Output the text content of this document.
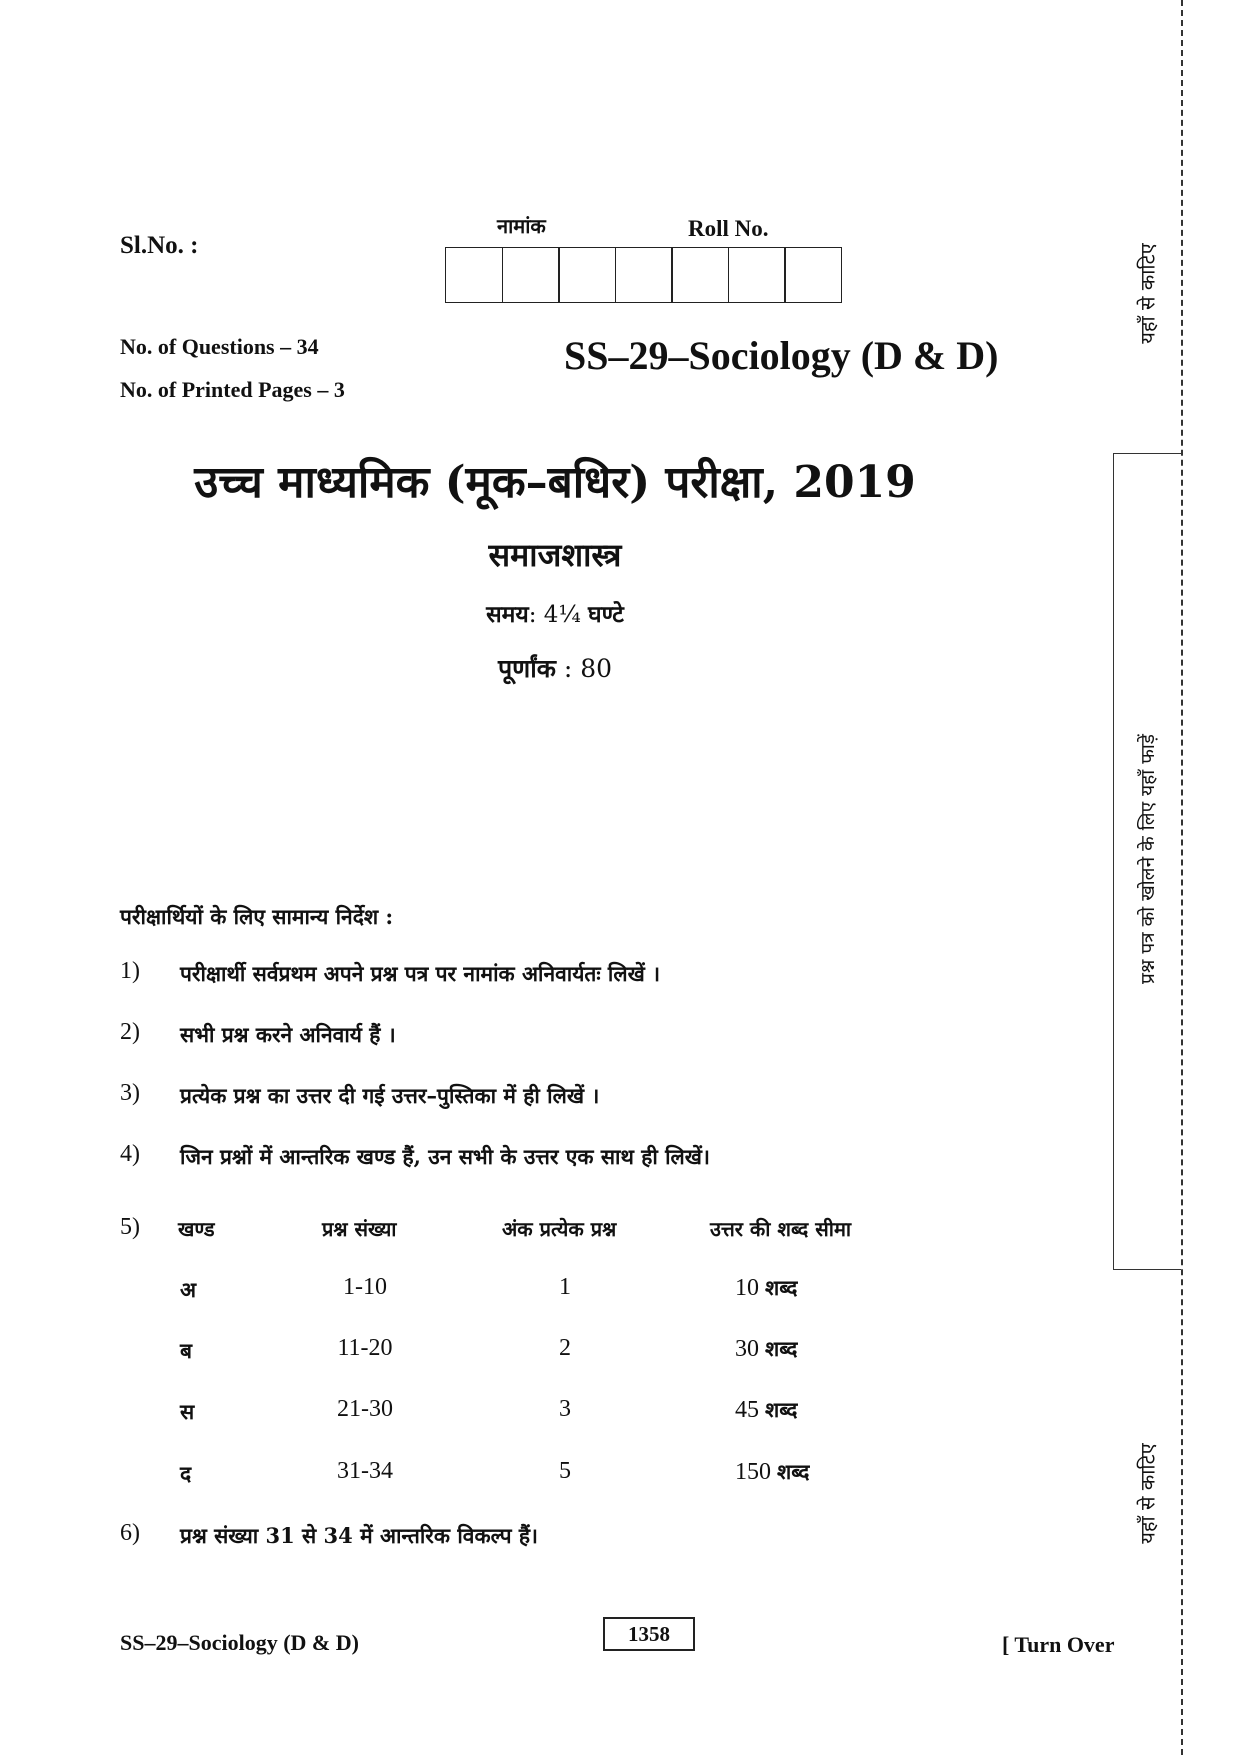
Sl.No. :
नामांक	Roll No.
No. of Questions – 34
No. of Printed Pages – 3
SS–29–Sociology (D & D)
उच्च माध्यमिक (मूक–बधिर) परीक्षा, 2019
समाजशास्त्र
समय: 4¼ घण्टे
पूर्णांक : 80
परीक्षार्थियों के लिए सामान्य निर्देश :
1) परीक्षार्थी सर्वप्रथम अपने प्रश्न पत्र पर नामांक अनिवार्यतः लिखें ।
2) सभी प्रश्न करने अनिवार्य हैं ।
3) प्रत्येक प्रश्न का उत्तर दी गई उत्तर–पुस्तिका में ही लिखें ।
4) जिन प्रश्नों में आन्तरिक खण्ड हैं, उन सभी के उत्तर एक साथ ही लिखें।
5) खण्ड	प्रश्न संख्या	अंक प्रत्येक प्रश्न	उत्तर की शब्द सीमा
अ	1-10	1	10 शब्द
ब	11-20	2	30 शब्द
स	21-30	3	45 शब्द
द	31-34	5	150 शब्द
6) प्रश्न संख्या 31 से 34 में आन्तरिक विकल्प हैं।
SS–29–Sociology (D & D)	1358	[ Turn Over
यहाँ से काटिए
प्रश्न पत्र को खोलने के लिए यहाँ फाड़ें
यहाँ से काटिए
